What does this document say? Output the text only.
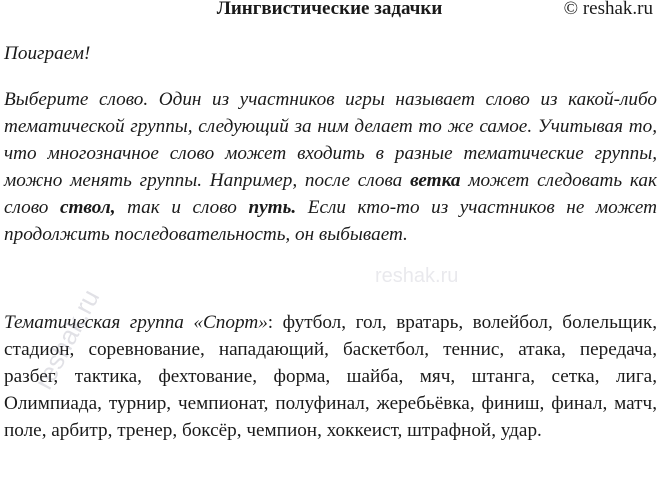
Лингвистические задачки	© reshak.ru

Поиграем!

Выберите слово. Один из участников игры называет слово из какой-либо тематической группы, следующий за ним делает то же самое. Учитывая то, что многозначное слово может входить в разные тематические группы, можно менять группы. Например, после слова ветка может следовать как слово ствол, так и слово путь. Если кто-то из участников не может продолжить последовательность, он выбывает.

Тематическая группа «Спорт»: футбол, гол, вратарь, волейбол, болельщик, стадион, соревнование, нападающий, баскетбол, теннис, атака, передача, разбег, тактика, фехтование, форма, шайба, мяч, штанга, сетка, лига, Олимпиада, турнир, чемпионат, полуфинал, жеребьёвка, финиш, финал, матч, поле, арбитр, тренер, боксёр, чемпион, хоккеист, штрафной, удар.

reshak.ru
reshak.ru
